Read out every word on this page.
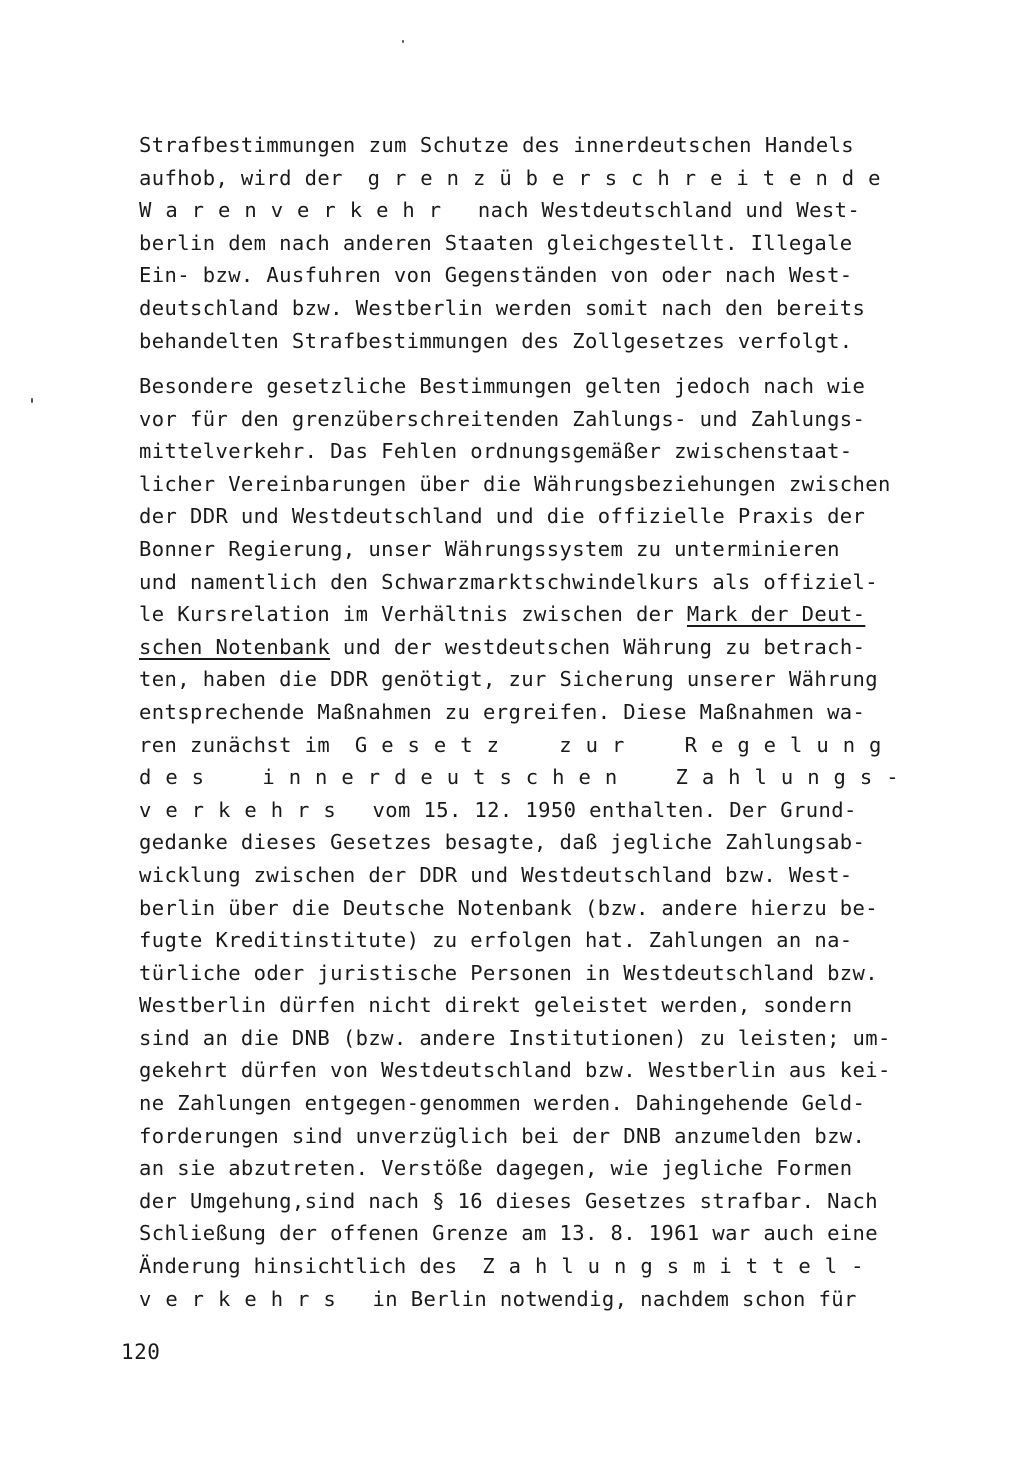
Strafbestimmungen zum Schutze des innerdeutschen Handels
aufhob, wird der grenzüberschreitende
Warenverkehr nach Westdeutschland und West-
berlin dem nach anderen Staaten gleichgestellt. Illegale
Ein- bzw. Ausfuhren von Gegenständen von oder nach West-
deutschland bzw. Westberlin werden somit nach den bereits
behandelten Strafbestimmungen des Zollgesetzes verfolgt.
Besondere gesetzliche Bestimmungen gelten jedoch nach wie
vor für den grenzüberschreitenden Zahlungs- und Zahlungs-
mittelverkehr. Das Fehlen ordnungsgemäßer zwischenstaat-
licher Vereinbarungen über die Währungsbeziehungen zwischen
der DDR und Westdeutschland und die offizielle Praxis der
Bonner Regierung, unser Währungssystem zu unterminieren
und namentlich den Schwarzmarktschwindelkurs als offiziel-
le Kursrelation im Verhältnis zwischen der Mark der Deut-
schen Notenbank und der westdeutschen Währung zu betrach-
ten, haben die DDR genötigt, zur Sicherung unserer Währung
entsprechende Maßnahmen zu ergreifen. Diese Maßnahmen wa-
ren zunächst im Gesetz zur Regelung
des innerdeutschen Zahlungs-
verkehrs vom 15. 12. 1950 enthalten. Der Grund-
gedanke dieses Gesetzes besagte, daß jegliche Zahlungsab-
wicklung zwischen der DDR und Westdeutschland bzw. West-
berlin über die Deutsche Notenbank (bzw. andere hierzu be-
fugte Kreditinstitute) zu erfolgen hat. Zahlungen an na-
türliche oder juristische Personen in Westdeutschland bzw.
Westberlin dürfen nicht direkt geleistet werden, sondern
sind an die DNB (bzw. andere Institutionen) zu leisten; um-
gekehrt dürfen von Westdeutschland bzw. Westberlin aus kei-
ne Zahlungen entgegen-genommen werden. Dahingehende Geld-
forderungen sind unverzüglich bei der DNB anzumelden bzw.
an sie abzutreten. Verstöße dagegen, wie jegliche Formen
der Umgehung,sind nach § 16 dieses Gesetzes strafbar. Nach
Schließung der offenen Grenze am 13. 8. 1961 war auch eine
Änderung hinsichtlich des Zahlungsmittel-
verkehrs in Berlin notwendig, nachdem schon für
120
